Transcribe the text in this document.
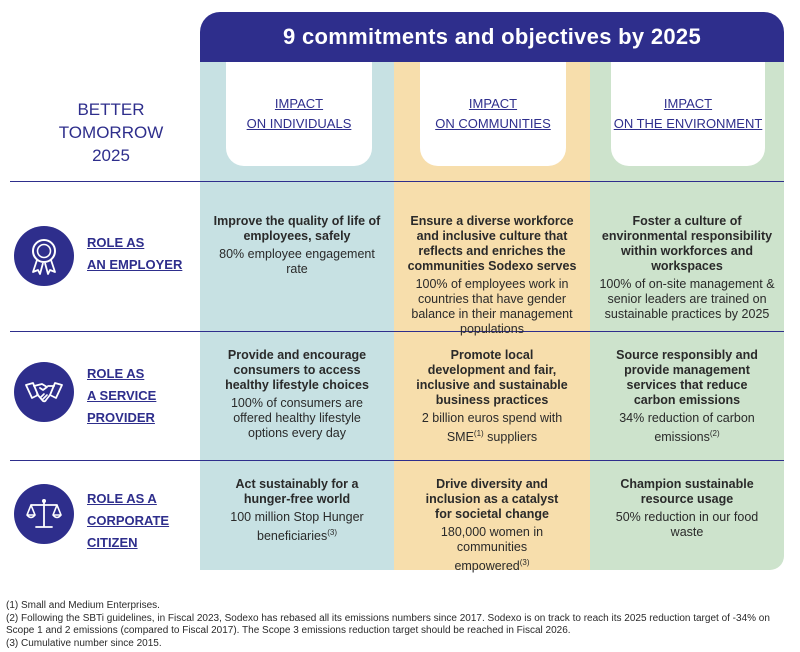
9 commitments and objectives by 2025
IMPACT
ON INDIVIDUALS
IMPACT
ON COMMUNITIES
IMPACT
ON THE ENVIRONMENT
BETTER
TOMORROW
2025
ROLE AS
AN EMPLOYER
Improve the quality of life of employees, safely
80% employee engagement rate
Ensure a diverse workforce and inclusive culture that reflects and enriches the communities Sodexo serves
100% of employees work in countries that have gender balance in their management populations
Foster a culture of environmental responsibility within workforces and workspaces
100% of on-site management & senior leaders are trained on sustainable practices by 2025
ROLE AS
A SERVICE
PROVIDER
Provide and encourage consumers to access healthy lifestyle choices
100% of consumers are offered healthy lifestyle options every day
Promote local development and fair, inclusive and sustainable business practices
2 billion euros spend with SME$^{(1)}$ suppliers
Source responsibly and provide management services that reduce carbon emissions
34% reduction of carbon emissions$^{(2)}$
ROLE AS A
CORPORATE
CITIZEN
Act sustainably for a hunger-free world
100 million Stop Hunger beneficiaries$^{(3)}$
Drive diversity and inclusion as a catalyst for societal change
180,000 women in communities empowered$^{(3)}$
Champion sustainable resource usage
50% reduction in our food waste
(1) Small and Medium Enterprises.
(2) Following the SBTi guidelines, in Fiscal 2023, Sodexo has rebased all its emissions numbers since 2017. Sodexo is on track to reach its 2025 reduction target of -34% on Scope 1 and 2 emissions (compared to Fiscal 2017). The Scope 3 emissions reduction target should be reached in Fiscal 2026.
(3) Cumulative number since 2015.
